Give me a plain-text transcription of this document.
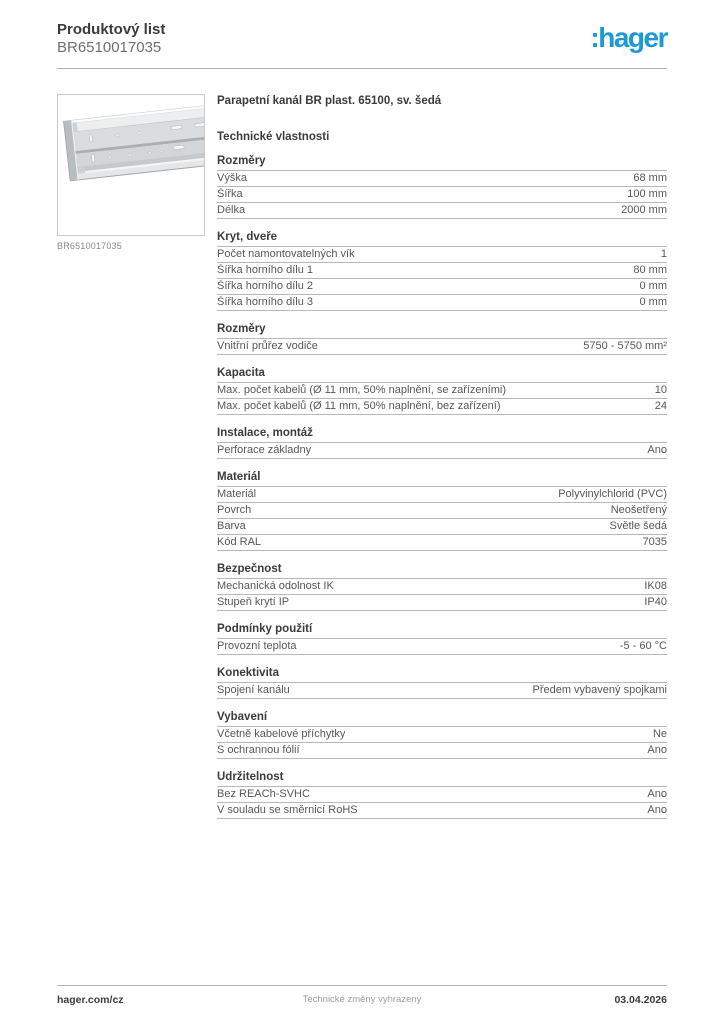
Produktový list
BR6510017035	:hager
BR6510017035
Parapetní kanál BR plast. 65100, sv. šedá
Technické vlastnosti
Rozměry
Výška	68 mm
Šířka	100 mm
Délka	2000 mm
Kryt, dveře
Počet namontovatelných vík	1
Šířka horního dílu 1	80 mm
Šířka horního dílu 2	0 mm
Šířka horního dílu 3	0 mm
Rozměry
Vnitřní průřez vodiče	5750 - 5750 mm²
Kapacita
Max. počet kabelů (Ø 11 mm, 50% naplnění, se zařízeními)	10
Max. počet kabelů (Ø 11 mm, 50% naplnění, bez zařízení)	24
Instalace, montáž
Perforace základny	Ano
Materiál
Materiál	Polyvinylchlorid (PVC)
Povrch	Neošetřený
Barva	Světle šedá
Kód RAL	7035
Bezpečnost
Mechanická odolnost IK	IK08
Stupeň krytí IP	IP40
Podmínky použití
Provozní teplota	-5 - 60 °C
Konektivita
Spojení kanálu	Předem vybavený spojkami
Vybavení
Včetně kabelové příchytky	Ne
S ochrannou fólií	Ano
Udržitelnost
Bez REACh-SVHC	Ano
V souladu se směrnicí RoHS	Ano
hager.com/cz	Technické změny vyhrazeny	03.04.2026
